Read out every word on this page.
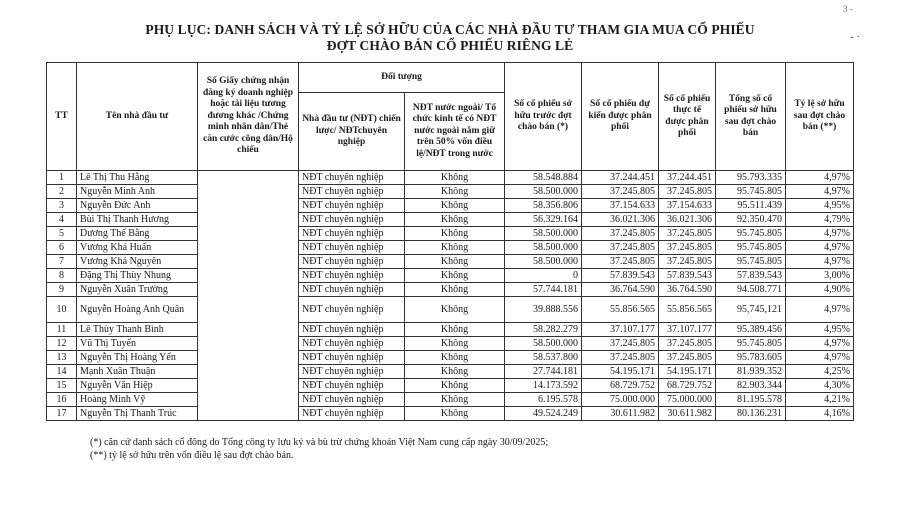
PHỤ LỤC: DANH SÁCH VÀ TỶ LỆ SỞ HỮU CỦA CÁC NHÀ ĐẦU TƯ THAM GIA MUA CỔ PHIẾU
ĐỢT CHÀO BÁN CỔ PHIẾU RIÊNG LẺ
3 -
- ·
TT	Tên nhà đầu tư	Số Giấy chứng nhận đăng ký doanh nghiệp hoặc tài liệu tương đương khác /Chứng minh nhân dân/Thẻ căn cước công dân/Hộ chiếu	Đối tượng		Số cổ phiếu sở hữu trước đợt chào bán (*)	Số cổ phiếu dự kiến được phân phối	Số cổ phiếu thực tế được phân phối	Tổng số cổ phiếu sở hữu sau đợt chào bán	Tỷ lệ sở hữu sau đợt chào bán (**)
			Nhà đầu tư (NĐT) chiến lược/ NĐTchuyên nghiệp	NĐT nước ngoài/ Tổ chức kinh tế có NĐT nước ngoài nắm giữ trên 50% vốn điều lệ/NĐT trong nước					
1	Lê Thị Thu Hằng		NĐT chuyên nghiệp	Không	58.548.884	37.244.451	37.244.451	95.793.335	4,97%
2	Nguyễn Minh Anh		NĐT chuyên nghiệp	Không	58.500.000	37.245.805	37.245.805	95.745.805	4,97%
3	Nguyễn Đức Anh		NĐT chuyên nghiệp	Không	58.356.806	37.154.633	37.154.633	95.511.439	4,95%
4	Bùi Thị Thanh Hương		NĐT chuyên nghiệp	Không	56.329.164	36.021.306	36.021.306	92.350.470	4,79%
5	Dương Thế Bằng		NĐT chuyên nghiệp	Không	58.500.000	37.245.805	37.245.805	95.745.805	4,97%
6	Vương Khả Huấn		NĐT chuyên nghiệp	Không	58.500.000	37.245.805	37.245.805	95.745.805	4,97%
7	Vương Khả Nguyên		NĐT chuyên nghiệp	Không	58.500.000	37.245.805	37.245.805	95.745.805	4,97%
8	Đặng Thị Thùy Nhung		NĐT chuyên nghiệp	Không	0	57.839.543	57.839.543	57.839.543	3,00%
9	Nguyễn Xuân Trường		NĐT chuyên nghiệp	Không	57.744.181	36.764.590	36.764.590	94.508.771	4,90%
10	Nguyễn Hoàng Anh Quân		NĐT chuyên nghiệp	Không	39.888.556	55.856.565	55.856.565	95,745,121	4,97%
11	Lê Thùy Thanh Bình		NĐT chuyên nghiệp	Không	58.282.279	37.107.177	37.107.177	95.389.456	4,95%
12	Vũ Thị Tuyến		NĐT chuyên nghiệp	Không	58.500.000	37.245.805	37.245.805	95.745.805	4,97%
13	Nguyễn Thị Hoàng Yến		NĐT chuyên nghiệp	Không	58.537.800	37.245.805	37.245.805	95.783.605	4,97%
14	Mạnh Xuân Thuận		NĐT chuyên nghiệp	Không	27.744.181	54.195.171	54.195.171	81.939.352	4,25%
15	Nguyễn Văn Hiệp		NĐT chuyên nghiệp	Không	14.173.592	68.729.752	68.729.752	82.903.344	4,30%
16	Hoàng Minh Vỹ		NĐT chuyên nghiệp	Không	6.195.578	75.000.000	75.000.000	81.195.578	4,21%
17	Nguyễn Thị Thanh Trúc		NĐT chuyên nghiệp	Không	49.524.249	30.611.982	30.611.982	80.136.231	4,16%
(*) căn cứ danh sách cổ đông do Tổng công ty lưu ký và bù trừ chứng khoán Việt Nam cung cấp ngày 30/09/2025;
(**) tỷ lệ sở hữu trên vốn điều lệ sau đợt chào bán.
